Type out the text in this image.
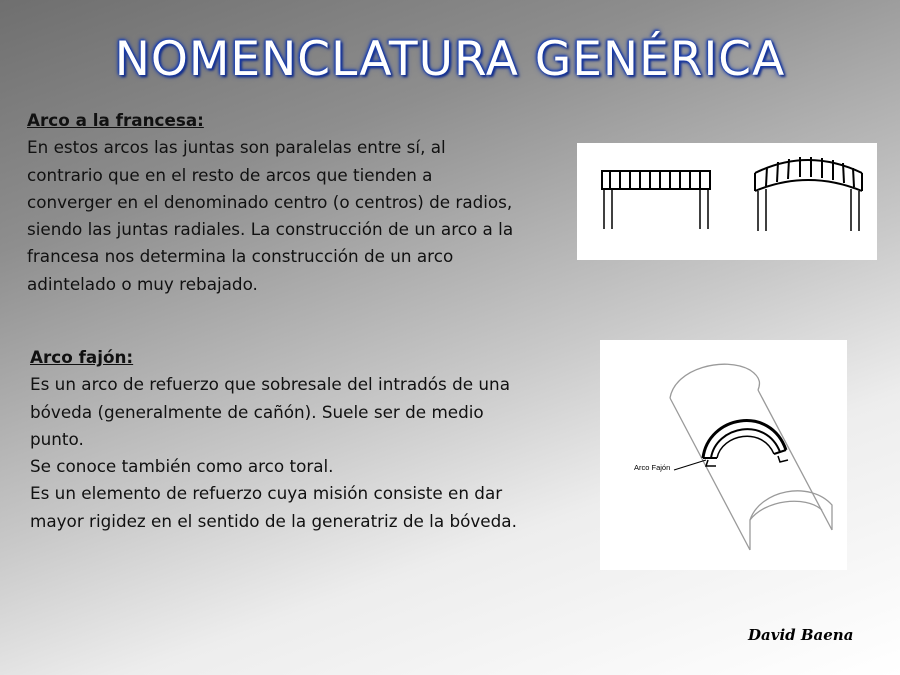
NOMENCLATURA GENÉRICA
Arco a la francesa:
En estos arcos las juntas son paralelas entre sí, al
contrario que en el resto de arcos que tienden a
converger en el denominado centro (o centros) de radios,
siendo las juntas radiales. La construcción de un arco a la
francesa nos determina la construcción de un arco
adintelado o muy rebajado.
Arco fajón:
Es un arco de refuerzo que sobresale del intradós de una
bóveda (generalmente de cañón). Suele ser de medio
punto.
Se conoce también como arco toral.
Es un elemento de refuerzo cuya misión consiste en dar
mayor rigidez en el sentido de la generatriz de la bóveda.
Arco Fajón
David Baena
